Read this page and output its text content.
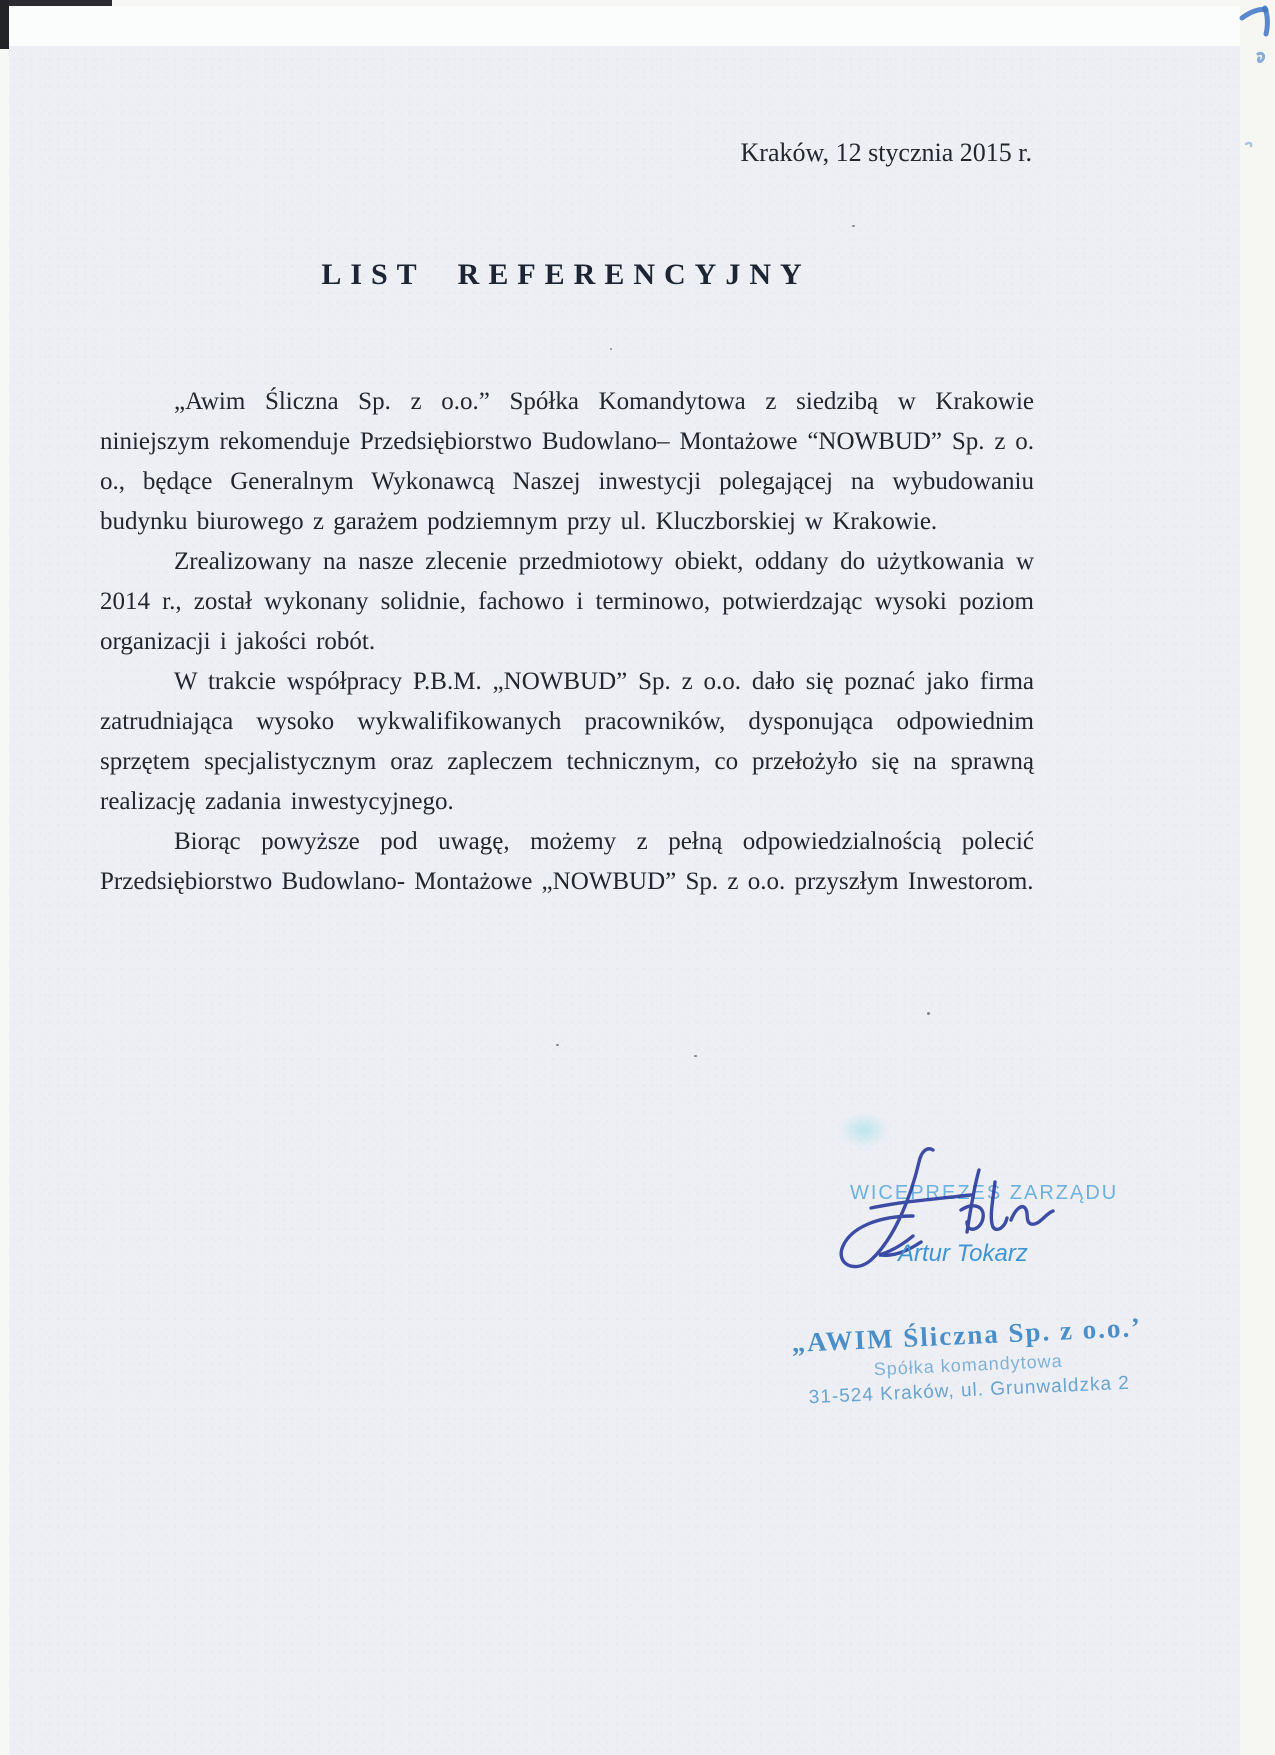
Kraków, 12 stycznia 2015 r.
LIST REFERENCYJNY

„Awim Śliczna Sp. z o.o.” Spółka Komandytowa z siedzibą w Krakowie niniejszym rekomenduje Przedsiębiorstwo Budowlano– Montażowe “NOWBUD” Sp. z o. o., będące Generalnym Wykonawcą Naszej inwestycji polegającej na wybudowaniu budynku biurowego z garażem podziemnym przy ul. Kluczborskiej w Krakowie.

Zrealizowany na nasze zlecenie przedmiotowy obiekt, oddany do użytkowania w 2014 r., został wykonany solidnie, fachowo i terminowo, potwierdzając wysoki poziom organizacji i jakości robót.

W trakcie współpracy P.B.M. „NOWBUD” Sp. z o.o. dało się poznać jako firma zatrudniająca wysoko wykwalifikowanych pracowników, dysponująca odpowiednim sprzętem specjalistycznym oraz zapleczem technicznym, co przełożyło się na sprawną realizację zadania inwestycyjnego.

Biorąc powyższe pod uwagę, możemy z pełną odpowiedzialnością polecić Przedsiębiorstwo Budowlano- Montażowe „NOWBUD” Sp. z o.o. przyszłym Inwestorom.

WICEPREZES ZARZĄDU
Artur Tokarz
„AWIM Śliczna Sp. z o.o.’
Spółka komandytowa
31-524 Kraków, ul. Grunwaldzka 2
